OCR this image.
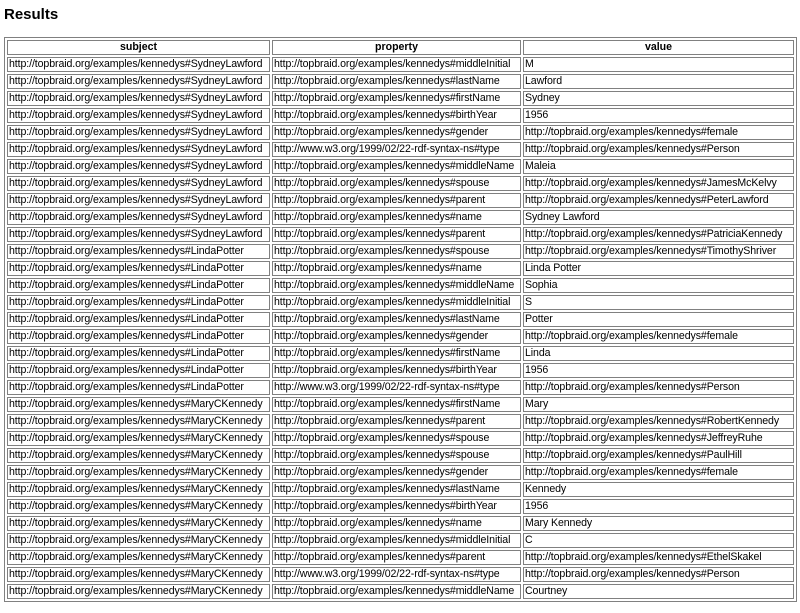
Results
subject	property	value
http://topbraid.org/examples/kennedys#SydneyLawford	http://topbraid.org/examples/kennedys#middleInitial	M
http://topbraid.org/examples/kennedys#SydneyLawford	http://topbraid.org/examples/kennedys#lastName	Lawford
http://topbraid.org/examples/kennedys#SydneyLawford	http://topbraid.org/examples/kennedys#firstName	Sydney
http://topbraid.org/examples/kennedys#SydneyLawford	http://topbraid.org/examples/kennedys#birthYear	1956
http://topbraid.org/examples/kennedys#SydneyLawford	http://topbraid.org/examples/kennedys#gender	http://topbraid.org/examples/kennedys#female
http://topbraid.org/examples/kennedys#SydneyLawford	http://www.w3.org/1999/02/22-rdf-syntax-ns#type	http://topbraid.org/examples/kennedys#Person
http://topbraid.org/examples/kennedys#SydneyLawford	http://topbraid.org/examples/kennedys#middleName	Maleia
http://topbraid.org/examples/kennedys#SydneyLawford	http://topbraid.org/examples/kennedys#spouse	http://topbraid.org/examples/kennedys#JamesMcKelvy
http://topbraid.org/examples/kennedys#SydneyLawford	http://topbraid.org/examples/kennedys#parent	http://topbraid.org/examples/kennedys#PeterLawford
http://topbraid.org/examples/kennedys#SydneyLawford	http://topbraid.org/examples/kennedys#name	Sydney Lawford
http://topbraid.org/examples/kennedys#SydneyLawford	http://topbraid.org/examples/kennedys#parent	http://topbraid.org/examples/kennedys#PatriciaKennedy
http://topbraid.org/examples/kennedys#LindaPotter	http://topbraid.org/examples/kennedys#spouse	http://topbraid.org/examples/kennedys#TimothyShriver
http://topbraid.org/examples/kennedys#LindaPotter	http://topbraid.org/examples/kennedys#name	Linda Potter
http://topbraid.org/examples/kennedys#LindaPotter	http://topbraid.org/examples/kennedys#middleName	Sophia
http://topbraid.org/examples/kennedys#LindaPotter	http://topbraid.org/examples/kennedys#middleInitial	S
http://topbraid.org/examples/kennedys#LindaPotter	http://topbraid.org/examples/kennedys#lastName	Potter
http://topbraid.org/examples/kennedys#LindaPotter	http://topbraid.org/examples/kennedys#gender	http://topbraid.org/examples/kennedys#female
http://topbraid.org/examples/kennedys#LindaPotter	http://topbraid.org/examples/kennedys#firstName	Linda
http://topbraid.org/examples/kennedys#LindaPotter	http://topbraid.org/examples/kennedys#birthYear	1956
http://topbraid.org/examples/kennedys#LindaPotter	http://www.w3.org/1999/02/22-rdf-syntax-ns#type	http://topbraid.org/examples/kennedys#Person
http://topbraid.org/examples/kennedys#MaryCKennedy	http://topbraid.org/examples/kennedys#firstName	Mary
http://topbraid.org/examples/kennedys#MaryCKennedy	http://topbraid.org/examples/kennedys#parent	http://topbraid.org/examples/kennedys#RobertKennedy
http://topbraid.org/examples/kennedys#MaryCKennedy	http://topbraid.org/examples/kennedys#spouse	http://topbraid.org/examples/kennedys#JeffreyRuhe
http://topbraid.org/examples/kennedys#MaryCKennedy	http://topbraid.org/examples/kennedys#spouse	http://topbraid.org/examples/kennedys#PaulHill
http://topbraid.org/examples/kennedys#MaryCKennedy	http://topbraid.org/examples/kennedys#gender	http://topbraid.org/examples/kennedys#female
http://topbraid.org/examples/kennedys#MaryCKennedy	http://topbraid.org/examples/kennedys#lastName	Kennedy
http://topbraid.org/examples/kennedys#MaryCKennedy	http://topbraid.org/examples/kennedys#birthYear	1956
http://topbraid.org/examples/kennedys#MaryCKennedy	http://topbraid.org/examples/kennedys#name	Mary Kennedy
http://topbraid.org/examples/kennedys#MaryCKennedy	http://topbraid.org/examples/kennedys#middleInitial	C
http://topbraid.org/examples/kennedys#MaryCKennedy	http://topbraid.org/examples/kennedys#parent	http://topbraid.org/examples/kennedys#EthelSkakel
http://topbraid.org/examples/kennedys#MaryCKennedy	http://www.w3.org/1999/02/22-rdf-syntax-ns#type	http://topbraid.org/examples/kennedys#Person
http://topbraid.org/examples/kennedys#MaryCKennedy	http://topbraid.org/examples/kennedys#middleName	Courtney
